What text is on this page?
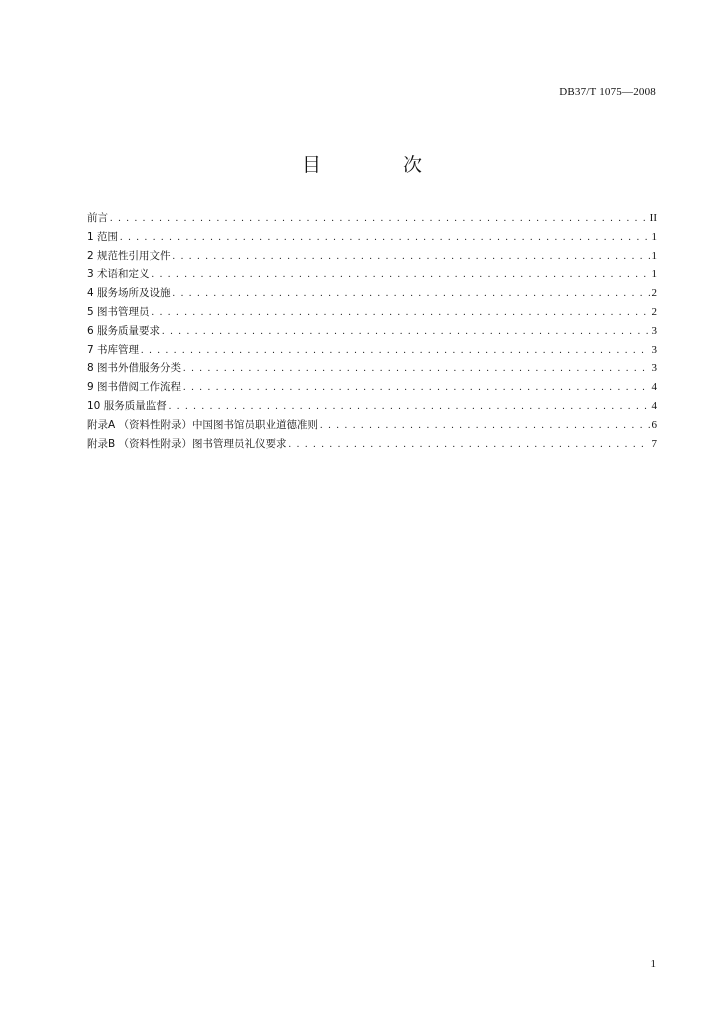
DB37/T 1075—2008
目 次
前言 . . .	II
1 范围 . . .	1
2 规范性引用文件 . . .	1
3 术语和定义 . . .	1
4 服务场所及设施 . . .	2
5 图书管理员 . . .	2
6 服务质量要求 . . .	3
7 书库管理 . . .	3
8 图书外借服务分类 . . .	3
9 图书借阅工作流程 . . .	4
10 服务质量监督 . . .	4
附录A （资料性附录）中国图书馆员职业道德准则 . . .	6
附录B （资料性附录）图书管理员礼仪要求 . . .	7
1
